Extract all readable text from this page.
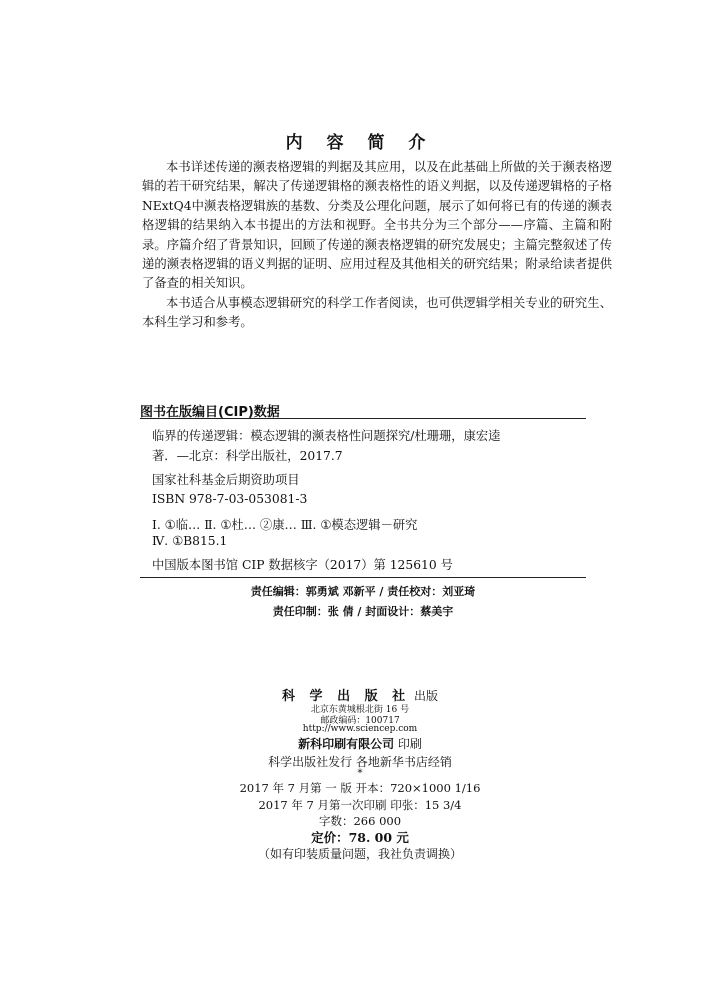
内 容 简 介

本书详述传递的濒表格逻辑的判据及其应用，以及在此基础上所做的关于濒表格逻辑的若干研究结果，解决了传递逻辑格的濒表格性的语义判据，以及传递逻辑格的子格NExtQ4中濒表格逻辑族的基数、分类及公理化问题，展示了如何将已有的传递的濒表格逻辑的结果纳入本书提出的方法和视野。全书共分为三个部分——序篇、主篇和附录。序篇介绍了背景知识，回顾了传递的濒表格逻辑的研究发展史；主篇完整叙述了传递的濒表格逻辑的语义判据的证明、应用过程及其他相关的研究结果；附录给读者提供了备查的相关知识。

本书适合从事模态逻辑研究的科学工作者阅读，也可供逻辑学相关专业的研究生、本科生学习和参考。

图书在版编目(CIP)数据
临界的传递逻辑：模态逻辑的濒表格性问题探究/杜珊珊，康宏逵
著．—北京：科学出版社，2017.7
国家社科基金后期资助项目
ISBN 978-7-03-053081-3
Ⅰ. ①临… Ⅱ. ①杜… ②康… Ⅲ. ①模态逻辑－研究
Ⅳ. ①B815.1
中国版本图书馆 CIP 数据核字（2017）第 125610 号
责任编辑：郭勇斌 邓新平 / 责任校对：刘亚琦
责任印制：张 倩 / 封面设计：蔡美宇
科 学 出 版 社 出版
北京东黄城根北街 16 号
邮政编码：100717
http://www.sciencep.com
新科印刷有限公司 印刷
科学出版社发行 各地新华书店经销
*
2017 年 7 月第 一 版 开本：720×1000 1/16
2017 年 7 月第一次印刷 印张：15 3/4
字数：266 000
定价：78. 00 元
（如有印装质量问题，我社负责调换）
